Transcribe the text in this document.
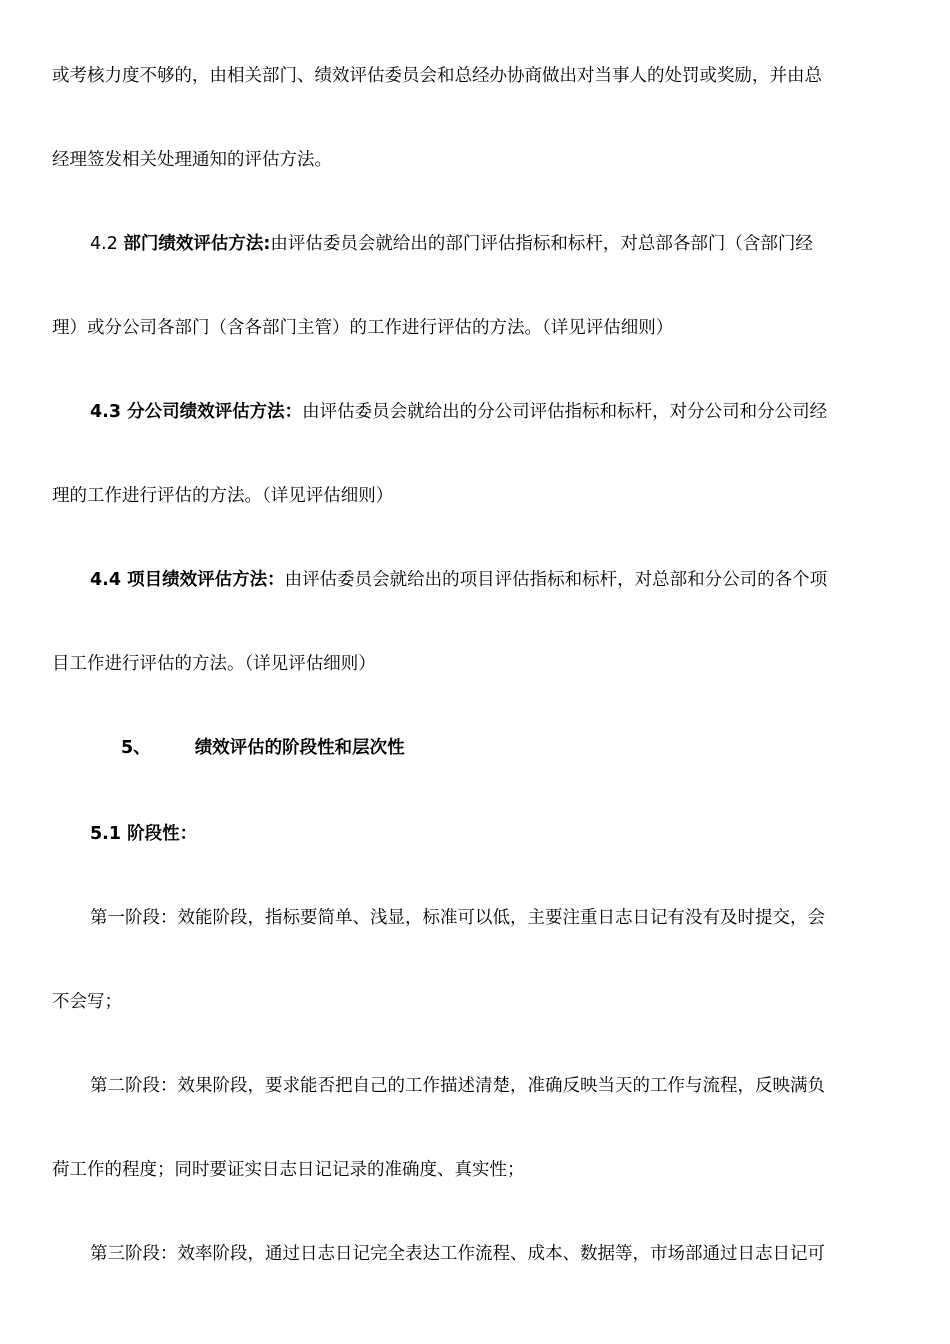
或考核力度不够的，由相关部门、绩效评估委员会和总经办协商做出对当事人的处罚或奖励，并由总
经理签发相关处理通知的评估方法。
4.2 部门绩效评估方法:由评估委员会就给出的部门评估指标和标杆，对总部各部门（含部门经
理）或分公司各部门（含各部门主管）的工作进行评估的方法。（详见评估细则）
4.3 分公司绩效评估方法：由评估委员会就给出的分公司评估指标和标杆，对分公司和分公司经
理的工作进行评估的方法。（详见评估细则）
4.4 项目绩效评估方法：由评估委员会就给出的项目评估指标和标杆，对总部和分公司的各个项
目工作进行评估的方法。（详见评估细则）
5、	绩效评估的阶段性和层次性
5.1 阶段性：
第一阶段：效能阶段，指标要简单、浅显，标准可以低，主要注重日志日记有没有及时提交，会
不会写；
第二阶段：效果阶段，要求能否把自己的工作描述清楚，准确反映当天的工作与流程，反映满负
荷工作的程度；同时要证实日志日记记录的准确度、真实性；
第三阶段：效率阶段，通过日志日记完全表达工作流程、成本、数据等，市场部通过日志日记可
